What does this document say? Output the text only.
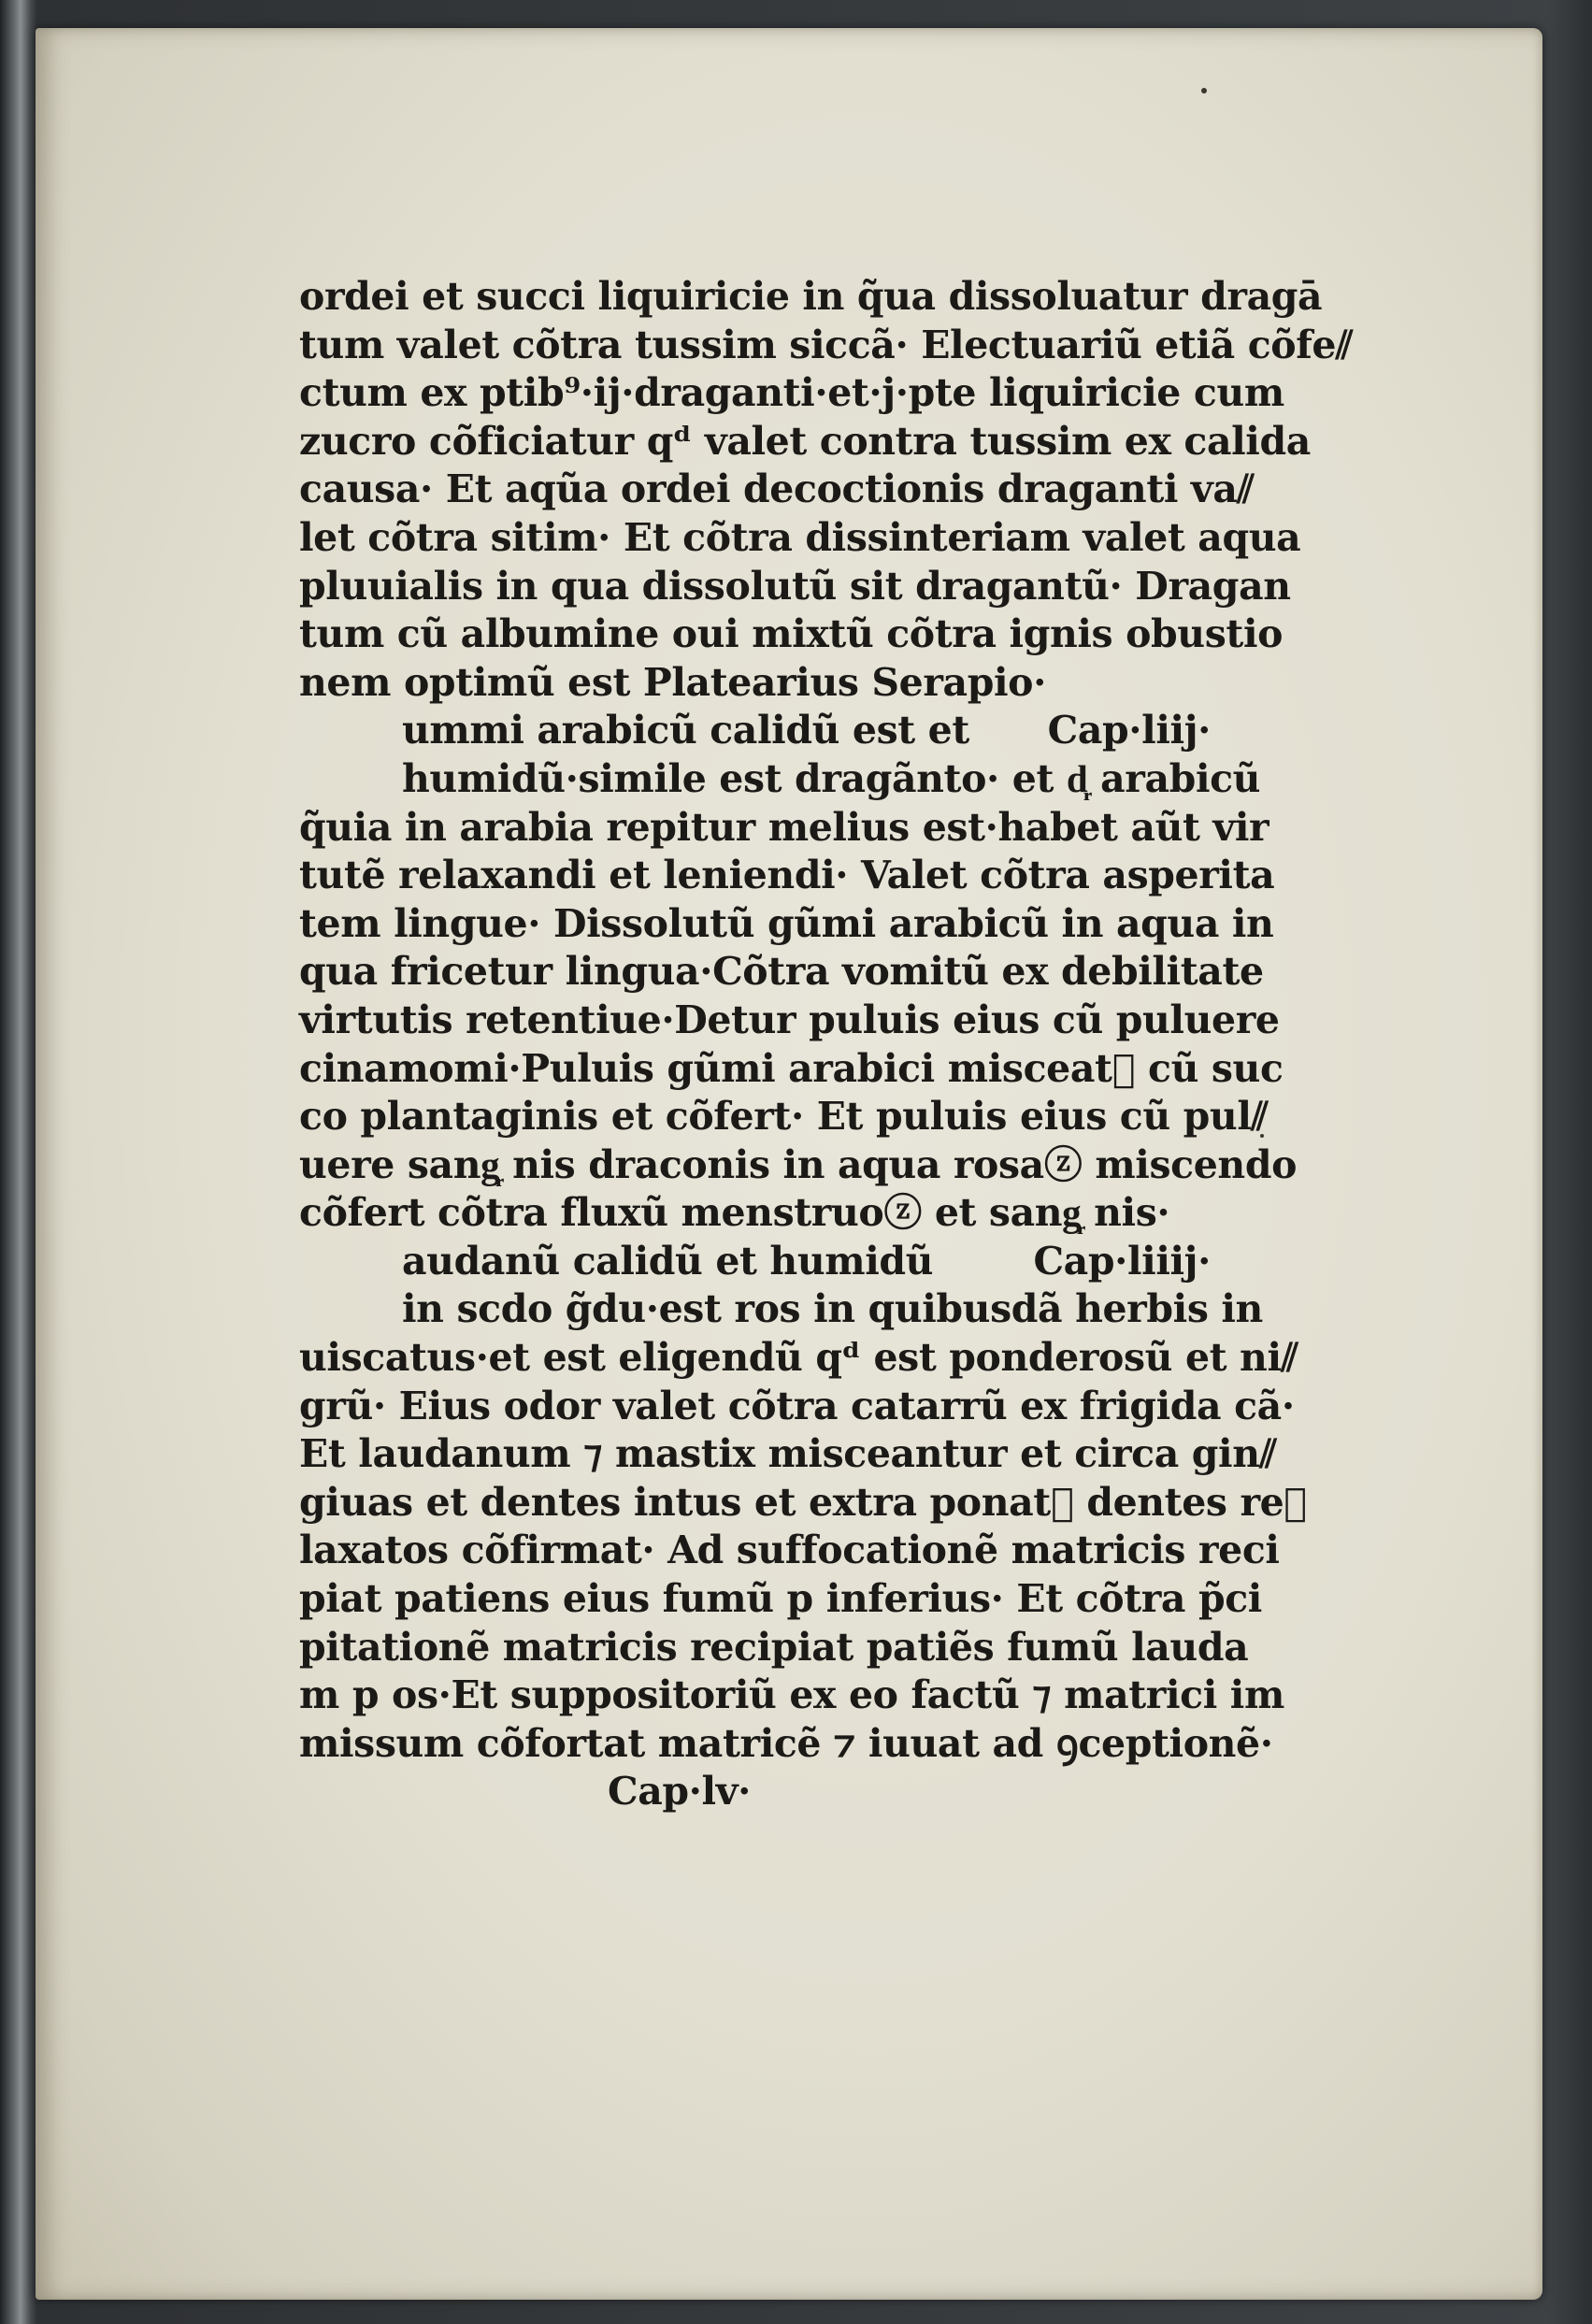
ordei et succi liquiricie in q̃ua dissoluatur dragā
tum valet cõtra tussim siccã· Electuariũ etiã cõfe⫽
ctum ex ptib⁹·ij·draganti·et·j·pte liquiricie cum
zucro cõficiatur qᵈ valet contra tussim ex calida
causa· Et aqũa ordei decoctionis draganti va⫽
let cõtra sitim· Et cõtra dissinteriam valet aqua
pluuialis in qua dissolutũ sit dragantũ· Dragan
tum cũ albumine oui mixtũ cõtra ignis obustio
nem optimũ est Platearius Serapio·
ummi arabicũ calidũ est et Cap·liij·
humidũ·simile est dragãnto· et d᷊ arabicũ
q̃uia in arabia repitur melius est·habet aũt vir
tutẽ relaxandi et leniendi· Valet cõtra asperita
tem lingue· Dissolutũ gũmi arabicũ in aqua in
qua fricetur lingua·Cõtra vomitũ ex debilitate
virtutis retentiue·Detur puluis eius cũ puluere
cinamomi·Puluis gũmi arabici misceat᷑ cũ suc
co plantaginis et cõfert· Et puluis eius cũ pul⫽
uere sang᷊ nis draconis in aqua rosaⓩ miscendo
cõfert cõtra fluxũ menstruoⓩ et sang᷊ nis·
audanũ calidũ et humidũ	Cap·liiij·
in scdo g̃du·est ros in quibusdã herbis in
uiscatus·et est eligendũ qᵈ est ponderosũ et ni⫽
grũ· Eius odor valet cõtra catarrũ ex frigida cã·
Et laudanum ⁊ mastix misceantur et circa gin⫽
giuas et dentes intus et extra ponat᷑ dentes re⫽
laxatos cõfirmat· Ad suffocationẽ matricis reci
piat patiens eius fumũ p inferius· Et cõtra p̃ci
pitationẽ matricis recipiat patiẽs fumũ lauda
m p os·Et suppositoriũ ex eo factũ ⁊ matrici im
missum cõfortat matricẽ ⁊ iuuat ad ꝯceptionẽ·
Cap·lv·
